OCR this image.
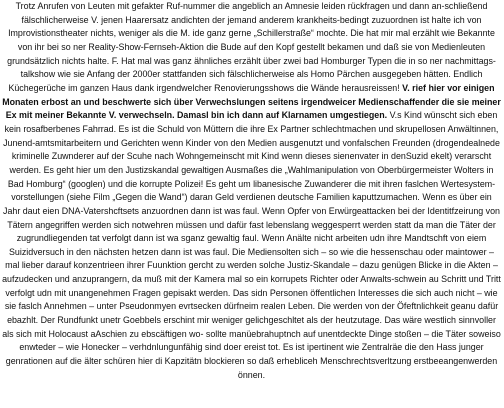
Trotz Anrufen von Leuten mit gefakter Ruf-nummer die angeblich an Amnesie leiden rückfragen und dann an-schließend fälschlicherweise V. jenen Haarersatz andichten der jemand anderem krankheits-bedingt zuzuordnen ist halte ich von Improvistionstheater nichts, weniger als die M. ide ganz gerne „Schillerstraße“ mochte. Die hat mir mal erzählt wie Bekannte von ihr bei so ner Reality-Show-Fernseh-Aktion die Bude auf den Kopf gestellt bekamen und daß sie von Medienleuten grundsätzlich nichts halte. F. Hat mal was ganz ähnliches erzählt über zwei bad Homburger Typen die in so ner nachmittags-talkshow wie sie Anfang der 2000er stattfanden sich fälschlicherweise als Homo Pärchen ausgegeben hätten. Endlich Küchegerüche im ganzen Haus dank irgendwelcher Renovierungsshows die Wände herausreissen! V. rief hier vor einigen Monaten erbost an und beschwerte sich über Verwechslungen seitens irgendweicer Medienschaffender die sie meiner Ex mit meiner Bekannte V. verwechseln. Damasl bin ich dann auf Klarnamen umgestiegen. V.s Kind wünscht sich eben kein rosafberbenes Fahrrad. Es ist die Schuld von Müttern die ihre Ex Partner schlechtmachen und skrupellosen Anwältinnen, Junend-amtsmitarbeitern und Gerichten wenn Kinder von den Medien ausgenutzt und vonfalschen Freunden (drogendealnede kriminelle Zuwnderer auf der Scuhe nach Wohngemeinscht mit Kind wenn dieses sienenvater in denSuzid ekelt) verarscht werden. Es geht hier um den Justizskandal gewaltigen Ausmaßes die „Wahlmanipulation von Oberbürgermeister Wolters in Bad Homburg“ (googlen) und die korrupte Polizei! Es geht um libanesische Zuwanderer die mit ihren faslchen Wertesystem-vorstellungen (siehe Film „Gegen die Wand“) daran Geld verdienen deutsche Familien kaputtzumachen. Wenn es über ein Jahr daut eien DNA-Vatershcftsets anzuordnen dann ist was faul. Wenn Opfer von Erwürgeattacken bei der Identitfzeirung von Tätern angegriffen werden sich notwehren müssen und dafür fast lebenslang weggesperrt werden statt da man die Täter der zugrundliegenden tat verfolgt dann ist wa sganz gewaltig faul. Wenn Anälte nicht arbeiten udn ihre Mandtschft von eiem Suizidversuch in den nächsten hetzen dann ist was faul. Die Mediensolten sich – so wie die hessenschau oder maintower – mal lieber darauf konzentrieen ihrer Fuunktion gercht zu werden solche Justiz-Skandale – dazu genügen Blicke in die Akten – aufzudecken und anzuprangern, da muß mit der Kamera mal so ein korrupets Richter oder Anwalts-schwein au Schritt und Tritt verfolgt udn mit unangenehmen Fragen gepisakt werden. Das sidn Personen öffentlichen Interesses die sich auch nicht – wie sie faslch Annehmen – unter Pseudonmyen evrtsecken dürfneim realen Leben. Die werden von der Öfeftnlichkeit geanu dafür ebazhlt. Der Rundfunkt unetr Goebbels erschint mir weniger gelichgeschltet als der heutzutage. Das wäre westlich sinnvoller als sich mit Holocaust aAschien zu ebscäftigen wo- sollte manüebrahuptnch auf unentdeckte Dinge stoßen – die Täter soweiso enwteder – wie Honecker – verhdnlungunfähig sind doer ereist tot. Es ist ipertinent wie Zentralräe die den Hass junger genrationen auf die älter schüren hier di Kapzitätn blockieren so daß erhebliceh Menschrechtsverltzung erstbeeangenwerden önnen.
